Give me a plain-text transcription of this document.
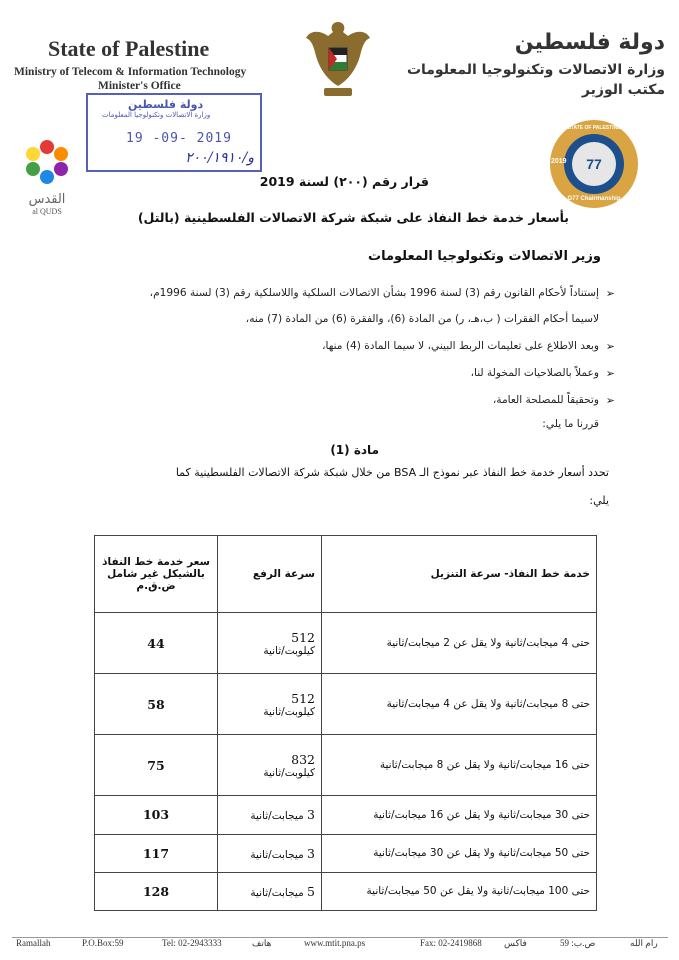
State of Palestine
Ministry of Telecom & Information Technology
Minister's Office
دولة فلسطين
وزارة الاتصالات وتكنولوجيا المعلومات
مكتب الوزير
دولة فلسطين
وزارة الاتصالات وتكنولوجيا المعلومات
19 -09- 2019
و/٢٠٠/١٩١٠
القدس
al QUDS
77
STATE OF PALESTINE
2019
G77 Chairmanship
قرار رقم (٢٠٠) لسنة 2019
بأسعار خدمة خط النفاذ على شبكة شركة الاتصالات الفلسطينية (بالتل)
وزير الاتصالات وتكنولوجيا المعلومات
➢
إستناداً لأحكام القانون رقم (3) لسنة 1996 بشأن الاتصالات السلكية واللاسلكية رقم (3) لسنة 1996م،
لاسيما أحكام الفقرات ( ب،هـ، ر) من المادة (6)، والفقرة (6) من المادة (7) منه،
➢
وبعد الاطلاع على تعليمات الربط البيني، لا سيما المادة (4) منها،
➢
وعملاً بالصلاحيات المخولة لنا،
➢
وتحقيقاً للمصلحة العامة،
قررنا ما يلي:
مادة (1)
تحدد أسعار خدمة خط النفاذ عبر نموذج الـ BSA من خلال شبكة شركة الاتصالات الفلسطينية كما
يلي:
خدمة خط النفاذ- سرعة التنزيل	سرعة الرفع	سعر خدمة خط النفاذ بالشيكل غير شامل ض.ق.م
حتى 4 ميجابت/ثانية ولا يقل عن 2 ميجابت/ثانية	512
كيلوبت/ثانية	44
حتى 8 ميجابت/ثانية ولا يقل عن 4 ميجابت/ثانية	512
كيلوبت/ثانية	58
حتى 16 ميجابت/ثانية ولا يقل عن 8 ميجابت/ثانية	832
كيلوبت/ثانية	75
حتى 30 ميجابت/ثانية ولا يقل عن 16 ميجابت/ثانية	3 ميجابت/ثانية	103
حتى 50 ميجابت/ثانية ولا يقل عن 30 ميجابت/ثانية	3 ميجابت/ثانية	117
حتى 100 ميجابت/ثانية ولا يقل عن 50 ميجابت/ثانية	5 ميجابت/ثانية	128
Ramallah	P.O.Box:59	Tel: 02-2943333	هاتف	www.mtit.pna.ps	Fax: 02-2419868 فاكس	ص.ب: 59	رام الله
